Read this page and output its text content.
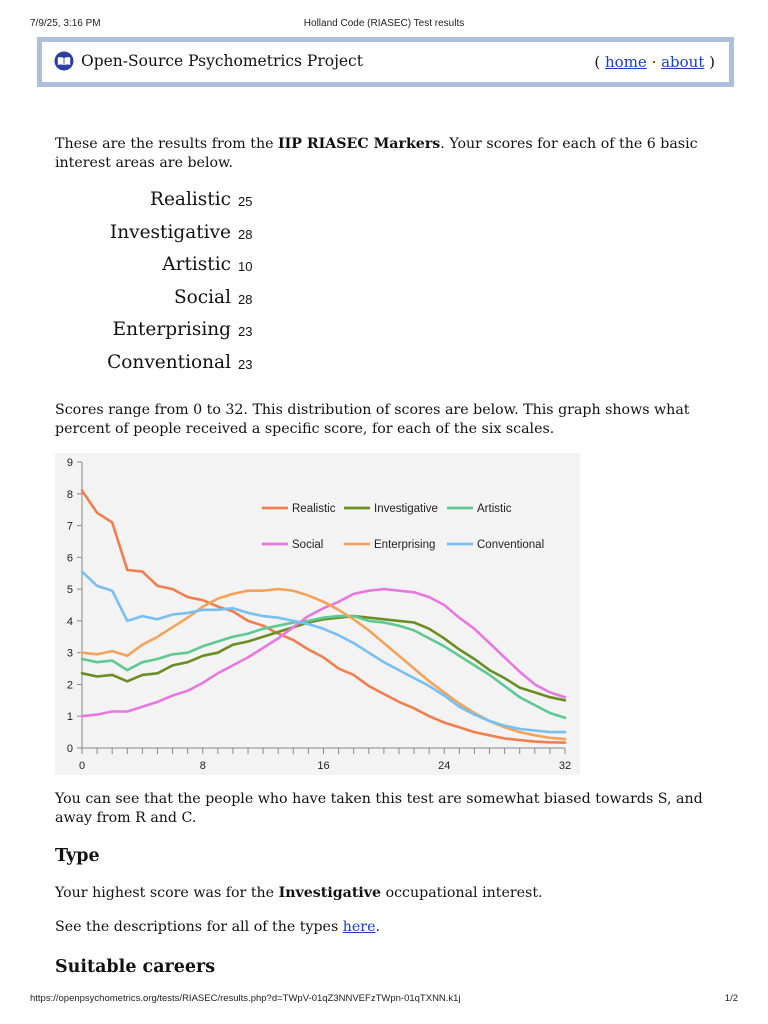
7/9/25, 3:16 PM	Holland Code (RIASEC) Test results
Open-Source Psychometrics Project	( home · about )
These are the results from the IIP RIASEC Markers. Your scores for each of the 6 basic interest areas are below.
Realistic 25
Investigative 28
Artistic 10
Social 28
Enterprising 23
Conventional 23
Scores range from 0 to 32. This distribution of scores are below. This graph shows what percent of people received a specific score, for each of the six scales.
0
1
2
3
4
5
6
7
8
9
0	8	16	24	32
Realistic	Investigative	Artistic
Social	Enterprising	Conventional
You can see that the people who have taken this test are somewhat biased towards S, and away from R and C.
Type
Your highest score was for the Investigative occupational interest.
See the descriptions for all of the types here.
Suitable careers
https://openpsychometrics.org/tests/RIASEC/results.php?d=TWpV-01qZ3NNVEFzTWpn-01qTXNN.k1j	1/2
